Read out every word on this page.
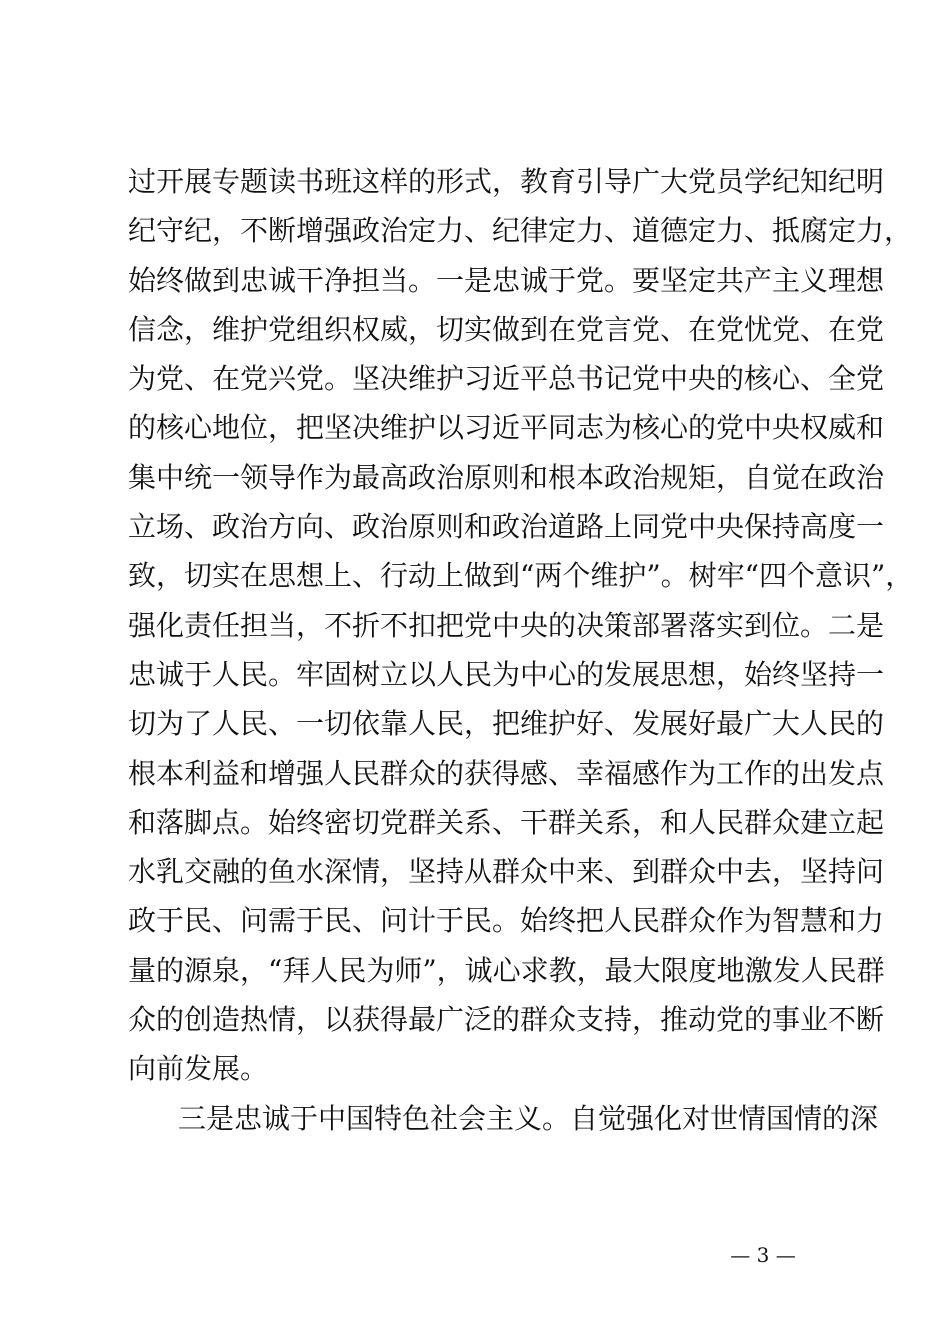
过开展专题读书班这样的形式，教育引导广大党员学纪知纪明
纪守纪，不断增强政治定力、纪律定力、道德定力、抵腐定力，
始终做到忠诚干净担当。一是忠诚于党。要坚定共产主义理想
信念，维护党组织权威，切实做到在党言党、在党忧党、在党
为党、在党兴党。坚决维护习近平总书记党中央的核心、全党
的核心地位，把坚决维护以习近平同志为核心的党中央权威和
集中统一领导作为最高政治原则和根本政治规矩，自觉在政治
立场、政治方向、政治原则和政治道路上同党中央保持高度一
致，切实在思想上、行动上做到“两个维护”。树牢“四个意识”，
强化责任担当，不折不扣把党中央的决策部署落实到位。二是
忠诚于人民。牢固树立以人民为中心的发展思想，始终坚持一
切为了人民、一切依靠人民，把维护好、发展好最广大人民的
根本利益和增强人民群众的获得感、幸福感作为工作的出发点
和落脚点。始终密切党群关系、干群关系，和人民群众建立起
水乳交融的鱼水深情，坚持从群众中来、到群众中去，坚持问
政于民、问需于民、问计于民。始终把人民群众作为智慧和力
量的源泉，“拜人民为师”，诚心求教，最大限度地激发人民群
众的创造热情，以获得最广泛的群众支持，推动党的事业不断
向前发展。
三是忠诚于中国特色社会主义。自觉强化对世情国情的深
— 3 —
